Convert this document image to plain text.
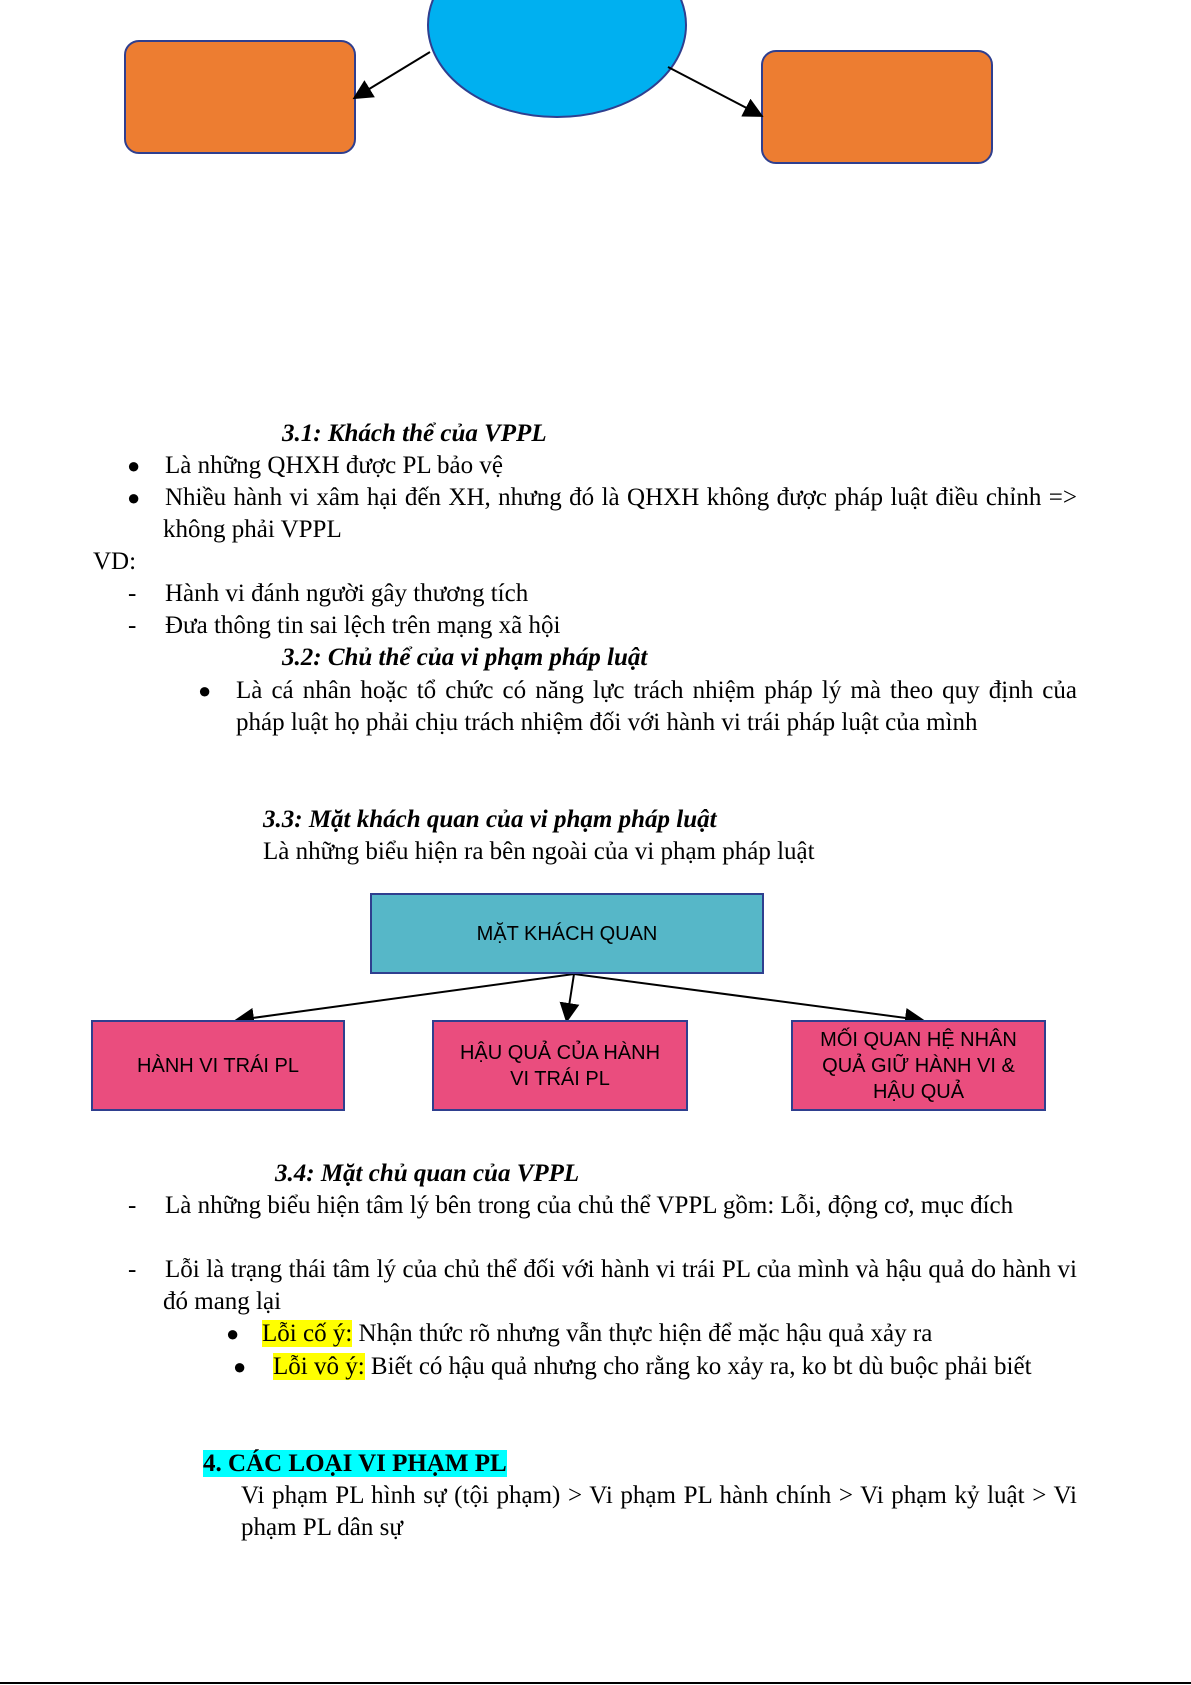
3.1: Khách thể của VPPL
● Là những QHXH được PL bảo vệ
● Nhiều hành vi xâm hại đến XH, nhưng đó là QHXH không được pháp luật điều chỉnh => không phải VPPL
VD:
- Hành vi đánh người gây thương tích
- Đưa thông tin sai lệch trên mạng xã hội
3.2: Chủ thể của vi phạm pháp luật
● Là cá nhân hoặc tổ chức có năng lực trách nhiệm pháp lý mà theo quy định của pháp luật họ phải chịu trách nhiệm đối với hành vi trái pháp luật của mình
3.3: Mặt khách quan của vi phạm pháp luật
Là những biểu hiện ra bên ngoài của vi phạm pháp luật
MẶT KHÁCH QUAN
HÀNH VI TRÁI PL
HẬU QUẢ CỦA HÀNH VI TRÁI PL
MỐI QUAN HỆ NHÂN QUẢ GIỮ HÀNH VI & HẬU QUẢ
3.4: Mặt chủ quan của VPPL
- Là những biểu hiện tâm lý bên trong của chủ thể VPPL gồm: Lỗi, động cơ, mục đích
- Lỗi là trạng thái tâm lý của chủ thể đối với hành vi trái PL của mình và hậu quả do hành vi đó mang lại
● Lỗi cố ý: Nhận thức rõ nhưng vẫn thực hiện để mặc hậu quả xảy ra
●	Lỗi vô ý: Biết có hậu quả nhưng cho rằng ko xảy ra, ko bt dù buộc phải biết
4. CÁC LOẠI VI PHẠM PL
Vi phạm PL hình sự (tội phạm) > Vi phạm PL hành chính > Vi phạm kỷ luật > Vi phạm PL dân sự
